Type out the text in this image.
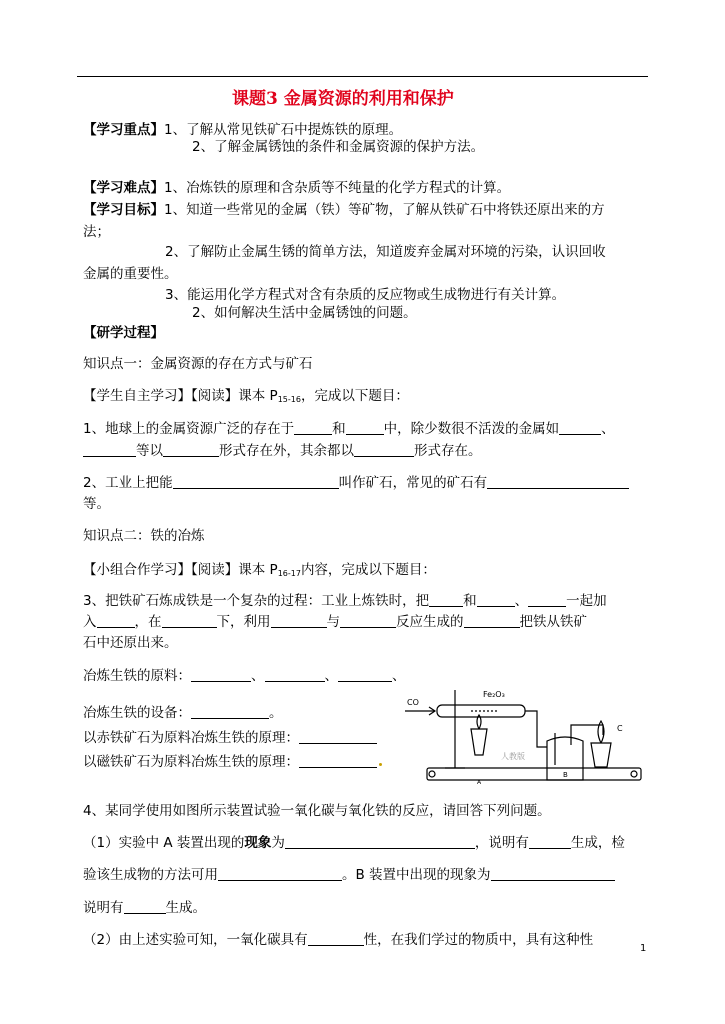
课题3 金属资源的利用和保护
【学习重点】1、了解从常见铁矿石中提炼铁的原理。
2、了解金属锈蚀的条件和金属资源的保护方法。
【学习难点】1、冶炼铁的原理和含杂质等不纯量的化学方程式的计算。
【学习目标】1、知道一些常见的金属（铁）等矿物，了解从铁矿石中将铁还原出来的方
法；
2、了解防止金属生锈的简单方法，知道废弃金属对环境的污染，认识回收
金属的重要性。
3、能运用化学方程式对含有杂质的反应物或生成物进行有关计算。
2、如何解决生活中金属锈蚀的问题。
【研学过程】
知识点一：金属资源的存在方式与矿石
【学生自主学习】【阅读】课本 $P_{15-16}$，完成以下题目：
1、地球上的金属资源广泛的存在于	和	中，除少数很不活泼的金属如	、
等以	形式存在外，其余都以	形式存在。
2、工业上把能	叫作矿石，常见的矿石有
等。
知识点二：铁的冶炼
【小组合作学习】【阅读】课本 $P_{16-17}$内容，完成以下题目：
3、把铁矿石炼成铁是一个复杂的过程：工业上炼铁时，把	和	、	一起加
入	，在	下，利用	与	反应生成的	把铁从铁矿
石中还原出来。
冶炼生铁的原料：	、	、	、
冶炼生铁的设备：	。
以赤铁矿石为原料冶炼生铁的原理：
以磁铁矿石为原料冶炼生铁的原理：
CO
Fe₂O₃
A
B
C
人教版
4、某同学使用如图所示装置试验一氧化碳与氧化铁的反应，请回答下列问题。
（1）实验中 A 装置出现的现象为	，说明有	生成，检
验该生成物的方法可用	。B 装置中出现的现象为
说明有	生成。
（2）由上述实验可知，一氧化碳具有	性，在我们学过的物质中，具有这种性
1
